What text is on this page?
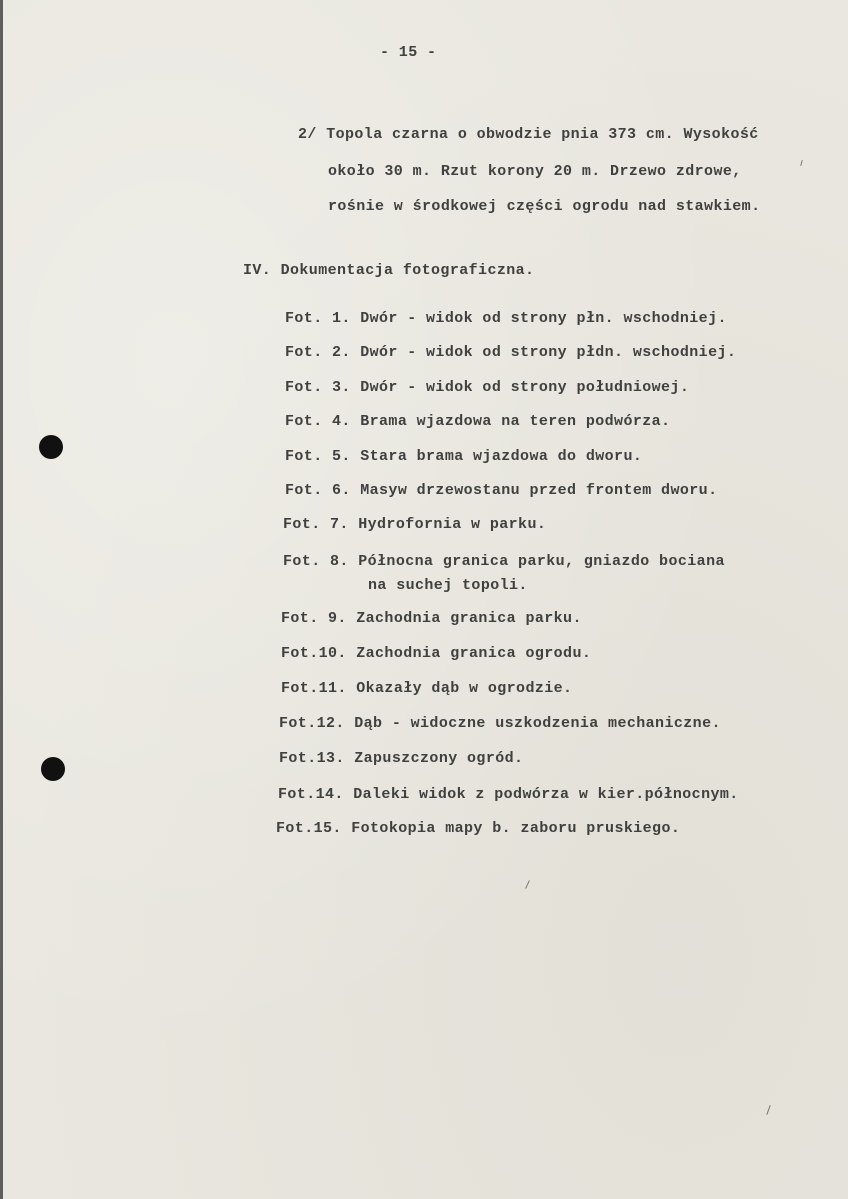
- 15 -
2/ Topola czarna o obwodzie pnia 373 cm. Wysokość
około 30 m. Rzut korony 20 m. Drzewo zdrowe,
rośnie w środkowej części ogrodu nad stawkiem.
IV. Dokumentacja fotograficzna.
Fot. 1. Dwór - widok od strony płn. wschodniej.
Fot. 2. Dwór - widok od strony płdn. wschodniej.
Fot. 3. Dwór - widok od strony południowej.
Fot. 4. Brama wjazdowa na teren podwórza.
Fot. 5. Stara brama wjazdowa do dworu.
Fot. 6. Masyw drzewostanu przed frontem dworu.
Fot. 7. Hydrofornia w parku.
Fot. 8. Północna granica parku, gniazdo bociana
na suchej topoli.
Fot. 9. Zachodnia granica parku.
Fot.10. Zachodnia granica ogrodu.
Fot.11. Okazały dąb w ogrodzie.
Fot.12. Dąb - widoczne uszkodzenia mechaniczne.
Fot.13. Zapuszczony ogród.
Fot.14. Daleki widok z podwórza w kier.północnym.
Fot.15. Fotokopia mapy b. zaboru pruskiego.
